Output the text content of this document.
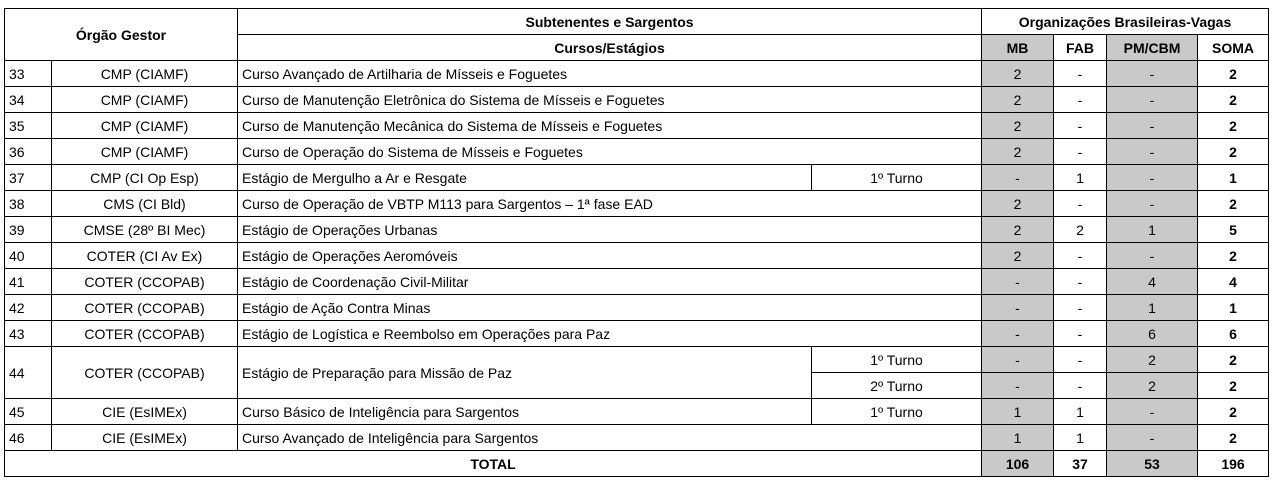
Órgão Gestor		Subtenentes e Sargentos		Organizações Brasileiras-Vagas			
		Cursos/Estágios		MB	FAB	PM/CBM	SOMA
33	CMP (CIAMF)	Curso Avançado de Artilharia de Mísseis e Foguetes		2	-	-	2
34	CMP (CIAMF)	Curso de Manutenção Eletrônica do Sistema de Mísseis e Foguetes		2	-	-	2
35	CMP (CIAMF)	Curso de Manutenção Mecânica do Sistema de Mísseis e Foguetes		2	-	-	2
36	CMP (CIAMF)	Curso de Operação do Sistema de Mísseis e Foguetes		2	-	-	2
37	CMP (CI Op Esp)	Estágio de Mergulho a Ar e Resgate	1º Turno	-	1	-	1
38	CMS (CI Bld)	Curso de Operação de VBTP M113 para Sargentos – 1ª fase EAD		2	-	-	2
39	CMSE (28º BI Mec)	Estágio de Operações Urbanas		2	2	1	5
40	COTER (CI Av Ex)	Estágio de Operações Aeromóveis		2	-	-	2
41	COTER (CCOPAB)	Estágio de Coordenação Civil-Militar		-	-	4	4
42	COTER (CCOPAB)	Estágio de Ação Contra Minas		-	-	1	1
43	COTER (CCOPAB)	Estágio de Logística e Reembolso em Operações para Paz		-	-	6	6
44	COTER (CCOPAB)	Estágio de Preparação para Missão de Paz	1º Turno	-	-	2	2
			2º Turno	-	-	2	2
45	CIE (EsIMEx)	Curso Básico de Inteligência para Sargentos	1º Turno	1	1	-	2
46	CIE (EsIMEx)	Curso Avançado de Inteligência para Sargentos		1	1	-	2
TOTAL				106	37	53	196
